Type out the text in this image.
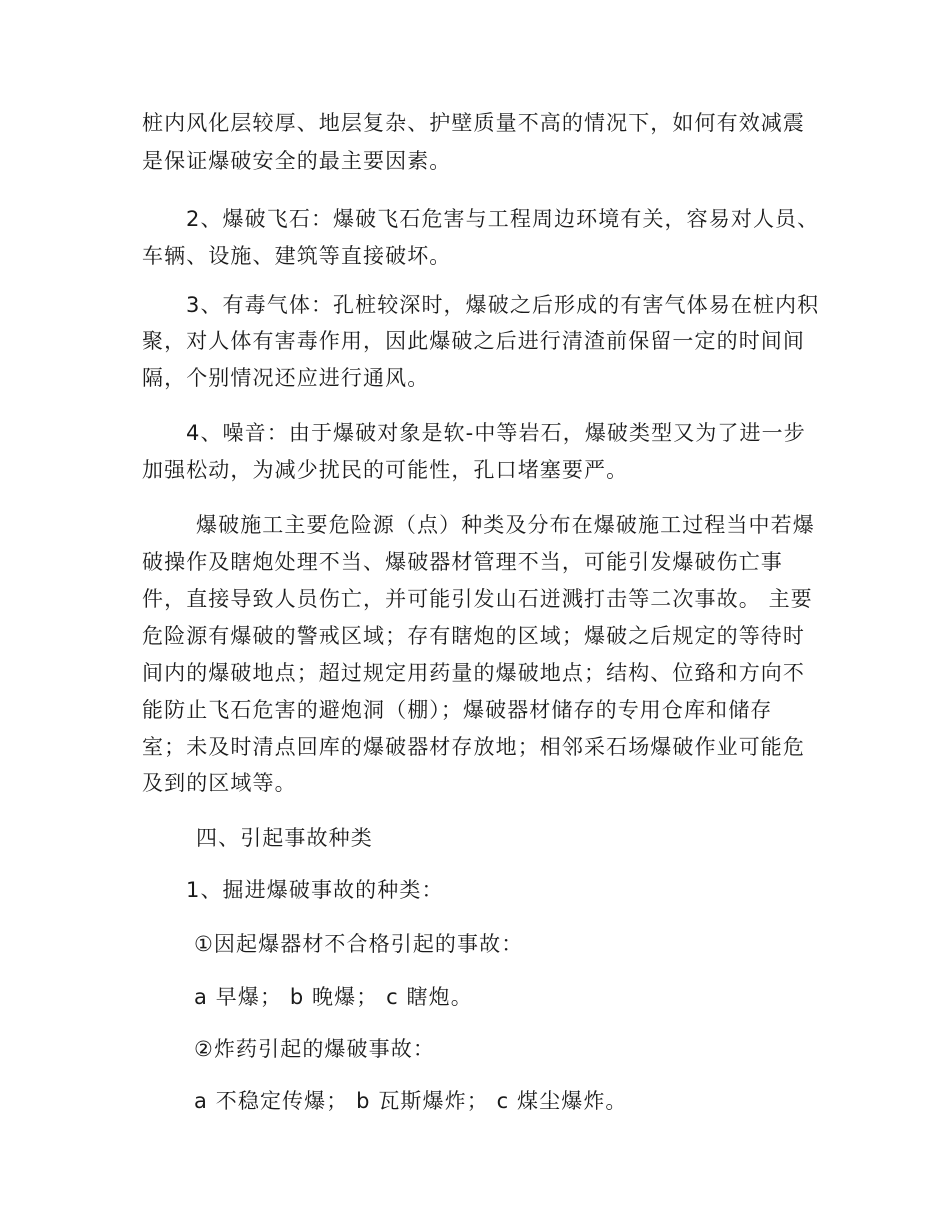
桩内风化层较厚、地层复杂、护壁质量不高的情况下，如何有效减震
是保证爆破安全的最主要因素。
2、爆破飞石：爆破飞石危害与工程周边环境有关，容易对人员、
车辆、设施、建筑等直接破坏。
3、有毒气体：孔桩较深时，爆破之后形成的有害气体易在桩内积
聚，对人体有害毒作用，因此爆破之后进行清渣前保留一定的时间间
隔，个别情况还应进行通风。
4、噪音：由于爆破对象是软-中等岩石，爆破类型又为了进一步
加强松动，为减少扰民的可能性，孔口堵塞要严。
爆破施工主要危险源（点）种类及分布在爆破施工过程当中若爆
破操作及瞎炮处理不当、爆破器材管理不当，可能引发爆破伤亡事
件，直接导致人员伤亡，并可能引发山石迸溅打击等二次事故。 主要
危险源有爆破的警戒区域；存有瞎炮的区域；爆破之后规定的等待时
间内的爆破地点；超过规定用药量的爆破地点；结构、位臵和方向不
能防止飞石危害的避炮洞（棚）；爆破器材储存的专用仓库和储存
室；未及时清点回库的爆破器材存放地；相邻采石场爆破作业可能危
及到的区域等。
四、引起事故种类
1、掘进爆破事故的种类：
①因起爆器材不合格引起的事故：
a 早爆； b 晚爆； c 瞎炮。
②炸药引起的爆破事故：
a 不稳定传爆； b 瓦斯爆炸； c 煤尘爆炸。
